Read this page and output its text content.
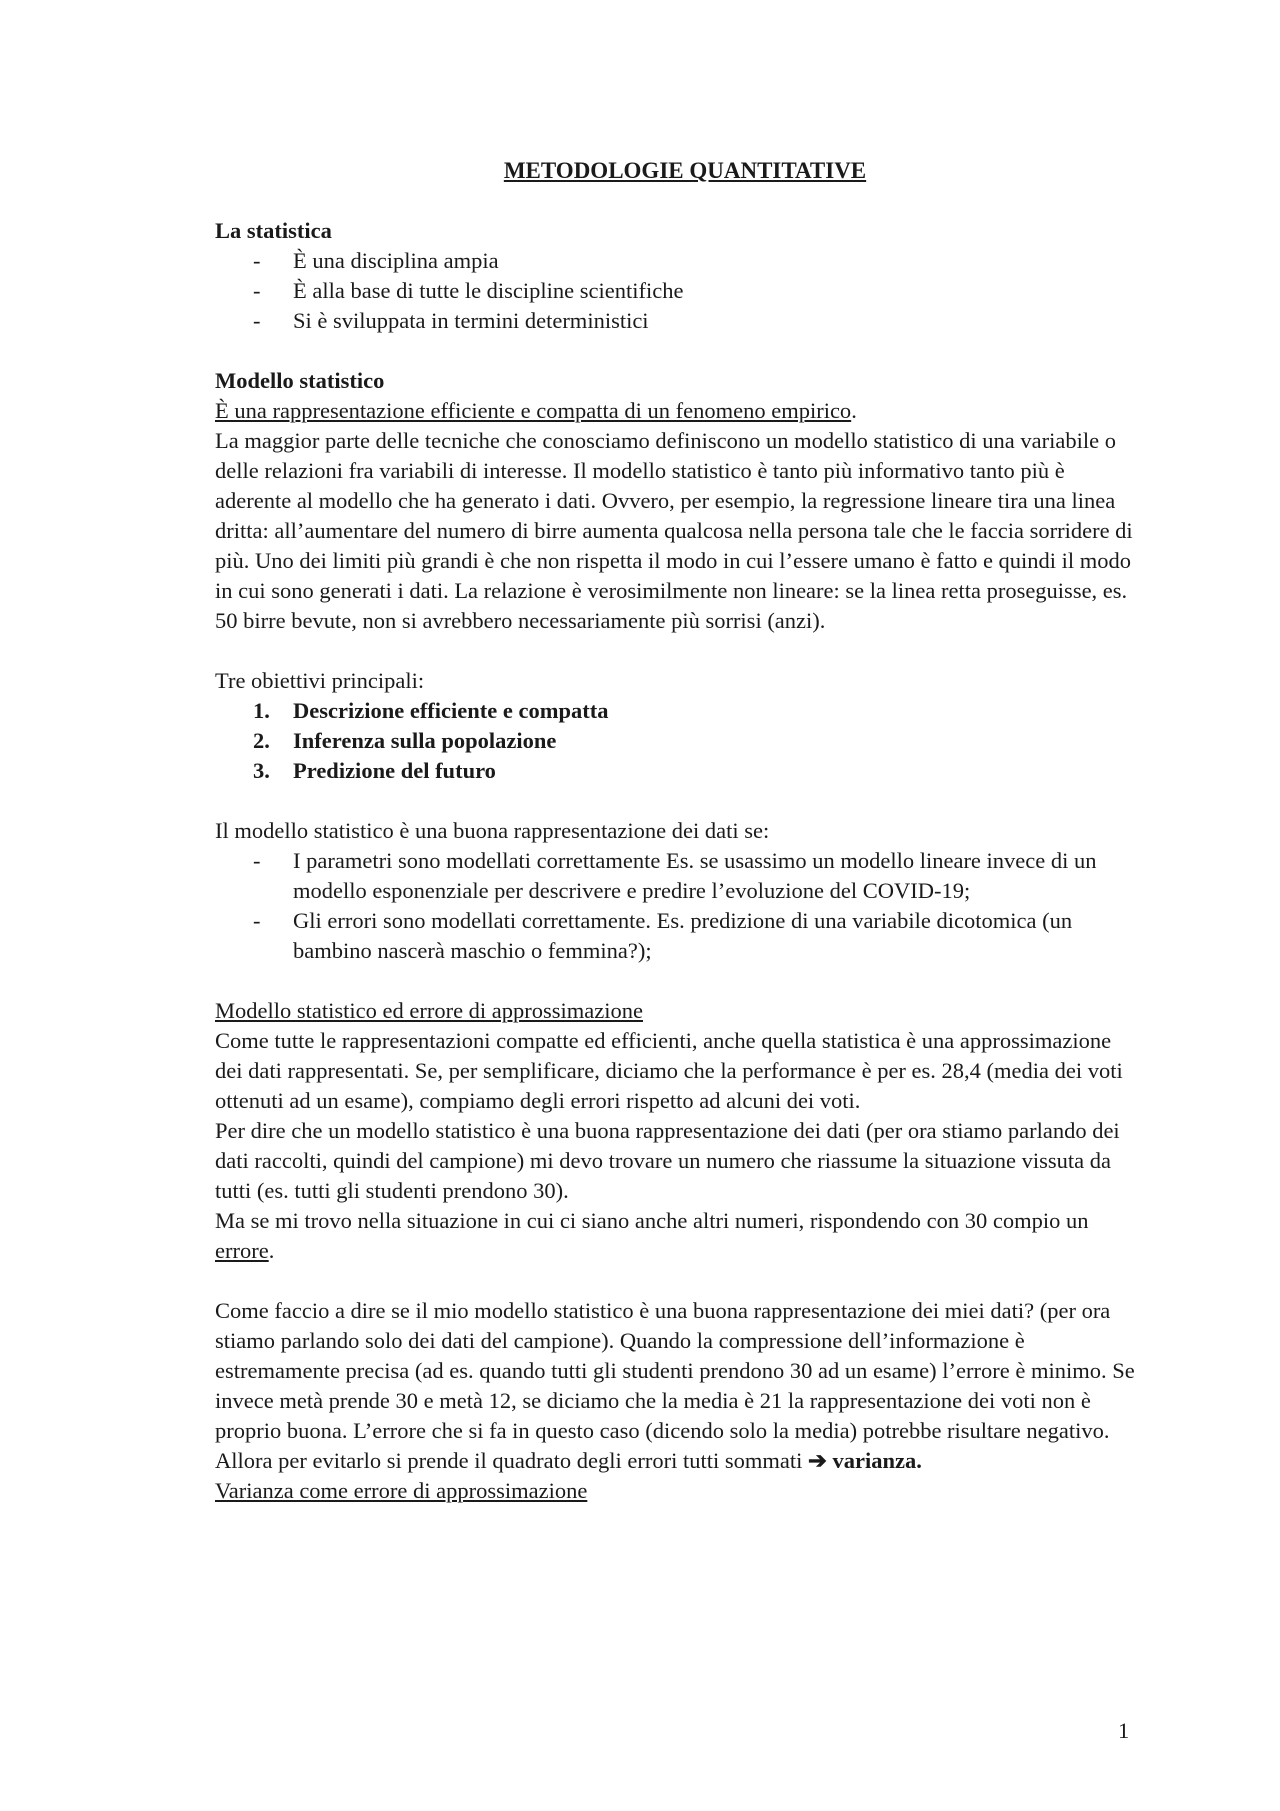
METODOLOGIE QUANTITATIVE

La statistica

- È una disciplina ampia
- È alla base di tutte le discipline scientifiche
- Si è sviluppata in termini deterministici

Modello statistico

È una rappresentazione efficiente e compatta di un fenomeno empirico.

La maggior parte delle tecniche che conosciamo definiscono un modello statistico di una variabile o delle relazioni fra variabili di interesse. Il modello statistico è tanto più informativo tanto più è aderente al modello che ha generato i dati. Ovvero, per esempio, la regressione lineare tira una linea dritta: all’aumentare del numero di birre aumenta qualcosa nella persona tale che le faccia sorridere di più. Uno dei limiti più grandi è che non rispetta il modo in cui l’essere umano è fatto e quindi il modo in cui sono generati i dati. La relazione è verosimilmente non lineare: se la linea retta proseguisse, es. 50 birre bevute, non si avrebbero necessariamente più sorrisi (anzi).

Tre obiettivi principali:

1. Descrizione efficiente e compatta
2. Inferenza sulla popolazione
3. Predizione del futuro

Il modello statistico è una buona rappresentazione dei dati se:

- I parametri sono modellati correttamente Es. se usassimo un modello lineare invece di un modello esponenziale per descrivere e predire l’evoluzione del COVID-19;
- Gli errori sono modellati correttamente. Es. predizione di una variabile dicotomica (un bambino nascerà maschio o femmina?);

Modello statistico ed errore di approssimazione

Come tutte le rappresentazioni compatte ed efficienti, anche quella statistica è una approssimazione dei dati rappresentati. Se, per semplificare, diciamo che la performance è per es. 28,4 (media dei voti ottenuti ad un esame), compiamo degli errori rispetto ad alcuni dei voti.

Per dire che un modello statistico è una buona rappresentazione dei dati (per ora stiamo parlando dei dati raccolti, quindi del campione) mi devo trovare un numero che riassume la situazione vissuta da tutti (es. tutti gli studenti prendono 30).

Ma se mi trovo nella situazione in cui ci siano anche altri numeri, rispondendo con 30 compio un errore.

Come faccio a dire se il mio modello statistico è una buona rappresentazione dei miei dati? (per ora stiamo parlando solo dei dati del campione). Quando la compressione dell’informazione è estremamente precisa (ad es. quando tutti gli studenti prendono 30 ad un esame) l’errore è minimo. Se invece metà prende 30 e metà 12, se diciamo che la media è 21 la rappresentazione dei voti non è proprio buona. L’errore che si fa in questo caso (dicendo solo la media) potrebbe risultare negativo. Allora per evitarlo si prende il quadrato degli errori tutti sommati ➔ varianza.

Varianza come errore di approssimazione

1
